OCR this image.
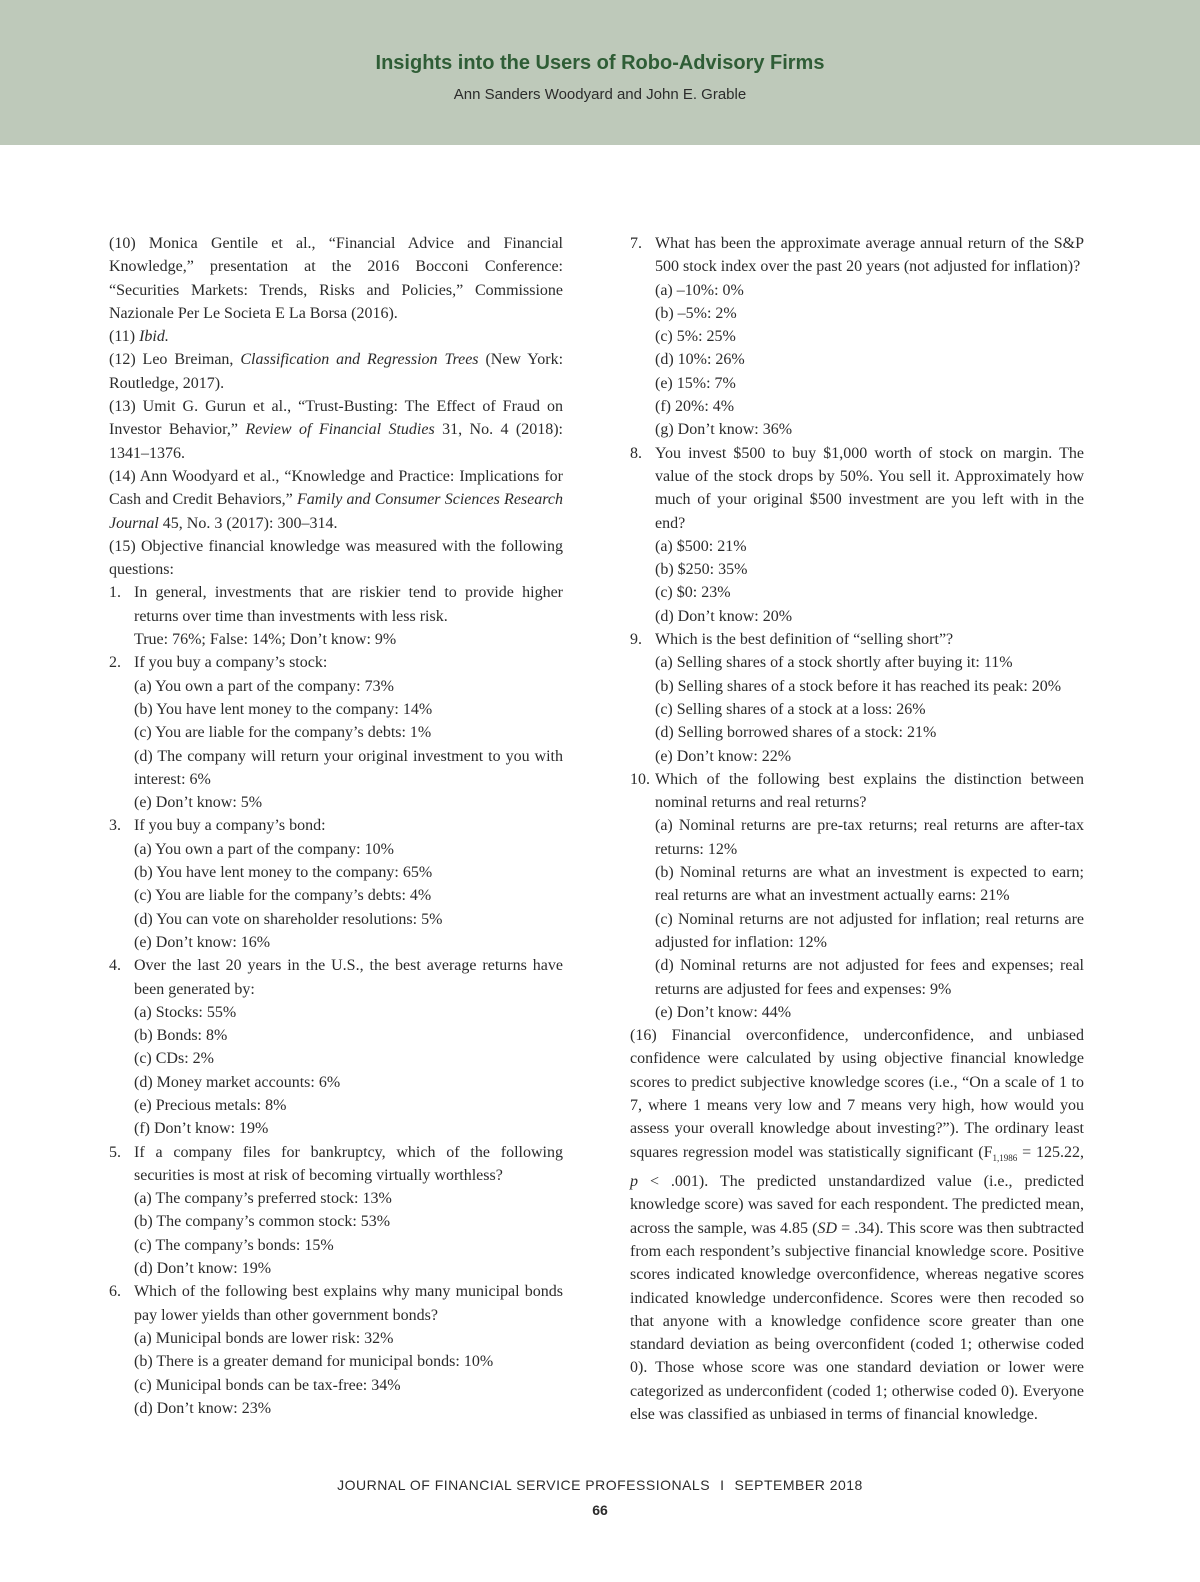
Insights into the Users of Robo-Advisory Firms
Ann Sanders Woodyard and John E. Grable
(10) Monica Gentile et al., “Financial Advice and Financial Knowledge,” presentation at the 2016 Bocconi Conference: “Securities Markets: Trends, Risks and Policies,” Commissione Nazionale Per Le Societa E La Borsa (2016).
(11) Ibid.
(12) Leo Breiman, Classification and Regression Trees (New York: Routledge, 2017).
(13) Umit G. Gurun et al., “Trust-Busting: The Effect of Fraud on Investor Behavior,” Review of Financial Studies 31, No. 4 (2018): 1341–1376.
(14) Ann Woodyard et al., “Knowledge and Practice: Implications for Cash and Credit Behaviors,” Family and Consumer Sciences Research Journal 45, No. 3 (2017): 300–314.
(15) Objective financial knowledge was measured with the following questions:
1. In general, investments that are riskier tend to provide higher returns over time than investments with less risk.
True: 76%; False: 14%; Don’t know: 9%
2. If you buy a company’s stock:
(a) You own a part of the company: 73%
(b) You have lent money to the company: 14%
(c) You are liable for the company’s debts: 1%
(d) The company will return your original investment to you with interest: 6%
(e) Don’t know: 5%
3. If you buy a company’s bond:
(a) You own a part of the company: 10%
(b) You have lent money to the company: 65%
(c) You are liable for the company’s debts: 4%
(d) You can vote on shareholder resolutions: 5%
(e) Don’t know: 16%
4. Over the last 20 years in the U.S., the best average returns have been generated by:
(a) Stocks: 55%
(b) Bonds: 8%
(c) CDs: 2%
(d) Money market accounts: 6%
(e) Precious metals: 8%
(f) Don’t know: 19%
5. If a company files for bankruptcy, which of the following securities is most at risk of becoming virtually worthless?
(a) The company’s preferred stock: 13%
(b) The company’s common stock: 53%
(c) The company’s bonds: 15%
(d) Don’t know: 19%
6. Which of the following best explains why many municipal bonds pay lower yields than other government bonds?
(a) Municipal bonds are lower risk: 32%
(b) There is a greater demand for municipal bonds: 10%
(c) Municipal bonds can be tax-free: 34%
(d) Don’t know: 23%
7. What has been the approximate average annual return of the S&P 500 stock index over the past 20 years (not adjusted for inflation)?
(a) –10%: 0%
(b) –5%: 2%
(c) 5%: 25%
(d) 10%: 26%
(e) 15%: 7%
(f) 20%: 4%
(g) Don’t know: 36%
8. You invest $500 to buy $1,000 worth of stock on margin. The value of the stock drops by 50%. You sell it. Approximately how much of your original $500 investment are you left with in the end?
(a) $500: 21%
(b) $250: 35%
(c) $0: 23%
(d) Don’t know: 20%
9. Which is the best definition of “selling short”?
(a) Selling shares of a stock shortly after buying it: 11%
(b) Selling shares of a stock before it has reached its peak: 20%
(c) Selling shares of a stock at a loss: 26%
(d) Selling borrowed shares of a stock: 21%
(e) Don’t know: 22%
10. Which of the following best explains the distinction between nominal returns and real returns?
(a) Nominal returns are pre-tax returns; real returns are after-tax returns: 12%
(b) Nominal returns are what an investment is expected to earn; real returns are what an investment actually earns: 21%
(c) Nominal returns are not adjusted for inflation; real returns are adjusted for inflation: 12%
(d) Nominal returns are not adjusted for fees and expenses; real returns are adjusted for fees and expenses: 9%
(e) Don’t know: 44%
(16) Financial overconfidence, underconfidence, and unbiased confidence were calculated by using objective financial knowledge scores to predict subjective knowledge scores (i.e., “On a scale of 1 to 7, where 1 means very low and 7 means very high, how would you assess your overall knowledge about investing?”). The ordinary least squares regression model was statistically significant ($F_{1,1986} = 125.22$, p < .001). The predicted unstandardized value (i.e., predicted knowledge score) was saved for each respondent. The predicted mean, across the sample, was 4.85 (SD = .34). This score was then subtracted from each respondent’s subjective financial knowledge score. Positive scores indicated knowledge overconfidence, whereas negative scores indicated knowledge underconfidence. Scores were then recoded so that anyone with a knowledge confidence score greater than one standard deviation as being overconfident (coded 1; otherwise coded 0). Those whose score was one standard deviation or lower were categorized as underconfident (coded 1; otherwise coded 0). Everyone else was classified as unbiased in terms of financial knowledge.
JOURNAL OF FINANCIAL SERVICE PROFESSIONALS I SEPTEMBER 2018
66
